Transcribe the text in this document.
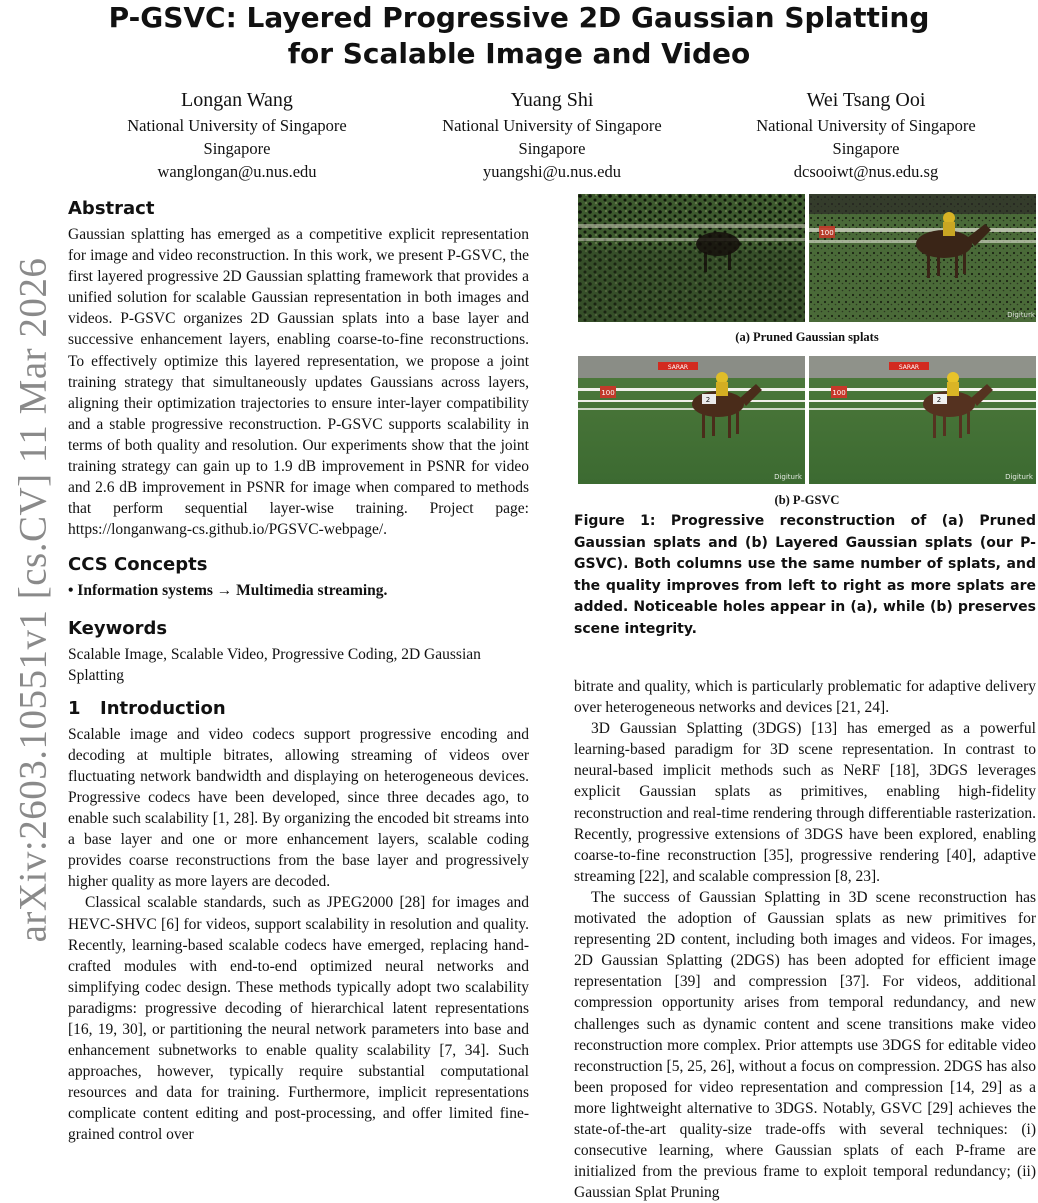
arXiv:2603.10551v1 [cs.CV] 11 Mar 2026
P-GSVC: Layered Progressive 2D Gaussian Splatting
for Scalable Image and Video
Longan Wang
National University of Singapore
Singapore
wanglongan@u.nus.edu
Yuang Shi
National University of Singapore
Singapore
yuangshi@u.nus.edu
Wei Tsang Ooi
National University of Singapore
Singapore
dcsooiwt@nus.edu.sg
Abstract

Gaussian splatting has emerged as a competitive explicit representation for image and video reconstruction. In this work, we present P-GSVC, the first layered progressive 2D Gaussian splatting framework that provides a unified solution for scalable Gaussian representation in both images and videos. P-GSVC organizes 2D Gaussian splats into a base layer and successive enhancement layers, enabling coarse-to-fine reconstructions. To effectively optimize this layered representation, we propose a joint training strategy that simultaneously updates Gaussians across layers, aligning their optimization trajectories to ensure inter-layer compatibility and a stable progressive reconstruction. P-GSVC supports scalability in terms of both quality and resolution. Our experiments show that the joint training strategy can gain up to 1.9 dB improvement in PSNR for video and 2.6 dB improvement in PSNR for image when compared to methods that perform sequential layer-wise training. Project page: https://longanwang-cs.github.io/PGSVC-webpage/.

CCS Concepts

• Information systems → Multimedia streaming.

Keywords

Scalable Image, Scalable Video, Progressive Coding, 2D Gaussian Splatting

1 Introduction

Scalable image and video codecs support progressive encoding and decoding at multiple bitrates, allowing streaming of videos over fluctuating network bandwidth and displaying on heterogeneous devices. Progressive codecs have been developed, since three decades ago, to enable such scalability [1, 28]. By organizing the encoded bit streams into a base layer and one or more enhancement layers, scalable coding provides coarse reconstructions from the base layer and progressively higher quality as more layers are decoded.

Classical scalable standards, such as JPEG2000 [28] for images and HEVC-SHVC [6] for videos, support scalability in resolution and quality. Recently, learning-based scalable codecs have emerged, replacing hand-crafted modules with end-to-end optimized neural networks and simplifying codec design. These methods typically adopt two scalability paradigms: progressive decoding of hierarchical latent representations [16, 19, 30], or partitioning the neural network parameters into base and enhancement subnetworks to enable quality scalability [7, 34]. Such approaches, however, typically require substantial computational resources and data for training. Furthermore, implicit representations complicate content editing and post-processing, and offer limited fine-grained control over

bitrate and quality, which is particularly problematic for adaptive delivery over heterogeneous networks and devices [21, 24].

3D Gaussian Splatting (3DGS) [13] has emerged as a powerful learning-based paradigm for 3D scene representation. In contrast to neural-based implicit methods such as NeRF [18], 3DGS leverages explicit Gaussian splats as primitives, enabling high-fidelity reconstruction and real-time rendering through differentiable rasterization. Recently, progressive extensions of 3DGS have been explored, enabling coarse-to-fine reconstruction [35], progressive rendering [40], adaptive streaming [22], and scalable compression [8, 23].

The success of Gaussian Splatting in 3D scene reconstruction has motivated the adoption of Gaussian splats as new primitives for representing 2D content, including both images and videos. For images, 2D Gaussian Splatting (2DGS) has been adopted for efficient image representation [39] and compression [37]. For videos, additional compression opportunity arises from temporal redundancy, and new challenges such as dynamic content and scene transitions make video reconstruction more complex. Prior attempts use 3DGS for editable video reconstruction [5, 25, 26], without a focus on compression. 2DGS has also been proposed for video representation and compression [14, 29] as a more lightweight alternative to 3DGS. Notably, GSVC [29] achieves the state-of-the-art quality-size trade-offs with several techniques: (i) consecutive learning, where Gaussian splats of each P-frame are initialized from the previous frame to exploit temporal redundancy; (ii) Gaussian Splat Pruning

100
Digiturk
(a) Pruned Gaussian splats
SARAR
100
2
Digiturk
SARAR
100
2
Digiturk
(b) P-GSVC
Figure 1: Progressive reconstruction of (a) Pruned Gaussian splats and (b) Layered Gaussian splats (our P-GSVC). Both columns use the same number of splats, and the quality improves from left to right as more splats are added. Noticeable holes appear in (a), while (b) preserves scene integrity.
